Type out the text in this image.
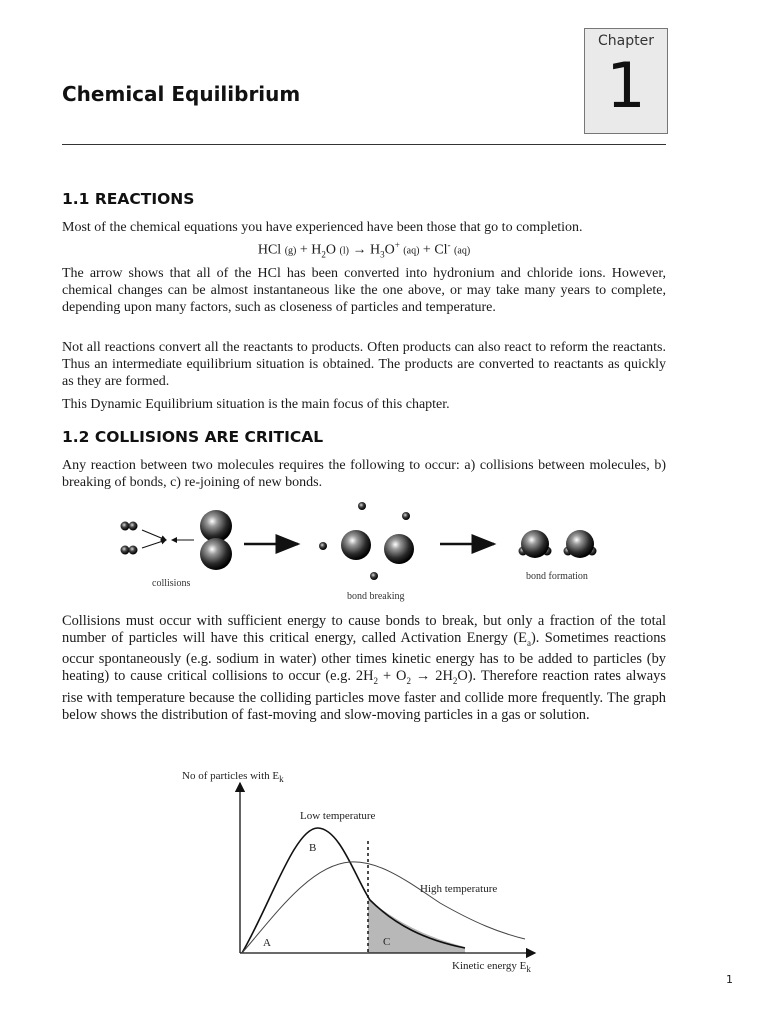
Chapter
1
Chemical Equilibrium
1.1 REACTIONS

Most of the chemical equations you have experienced have been those that go to completion.

HCl $(g) + H_2O$ $(l) \to H_3O^+$ (aq) + Cl- (aq)

The arrow shows that all of the HCl has been converted into hydronium and chloride ions. However, chemical changes can be almost instantaneous like the one above, or may take many years to complete, depending upon many factors, such as closeness of particles and temperature.

Not all reactions convert all the reactants to products. Often products can also react to reform the reactants. Thus an intermediate equilibrium situation is obtained. The products are converted to reactants as quickly as they are formed.

This Dynamic Equilibrium situation is the main focus of this chapter.

1.2 COLLISIONS ARE CRITICAL

Any reaction between two molecules requires the following to occur: a) collisions between molecules, b) breaking of bonds, c) re-joining of new bonds.

collisions
bond breaking
bond formation

Collisions must occur with sufficient energy to cause bonds to break, but only a fraction of the total number of particles will have this critical energy, called Activation Energy $(E_a)$. Sometimes reactions occur spontaneously (e.g. sodium in water) other times kinetic energy has to be added to particles (by heating) to cause critical collisions to occur (e.g. $2H_2 + O_2 \to 2H_2O$). Therefore reaction rates always rise with temperature because the colliding particles move faster and collide more frequently. The graph below shows the distribution of fast-moving and slow-moving particles in a gas or solution.

No of particles with $E_k$
Low temperature
High temperature
B
A	C
Kinetic energy $E_k$
1
